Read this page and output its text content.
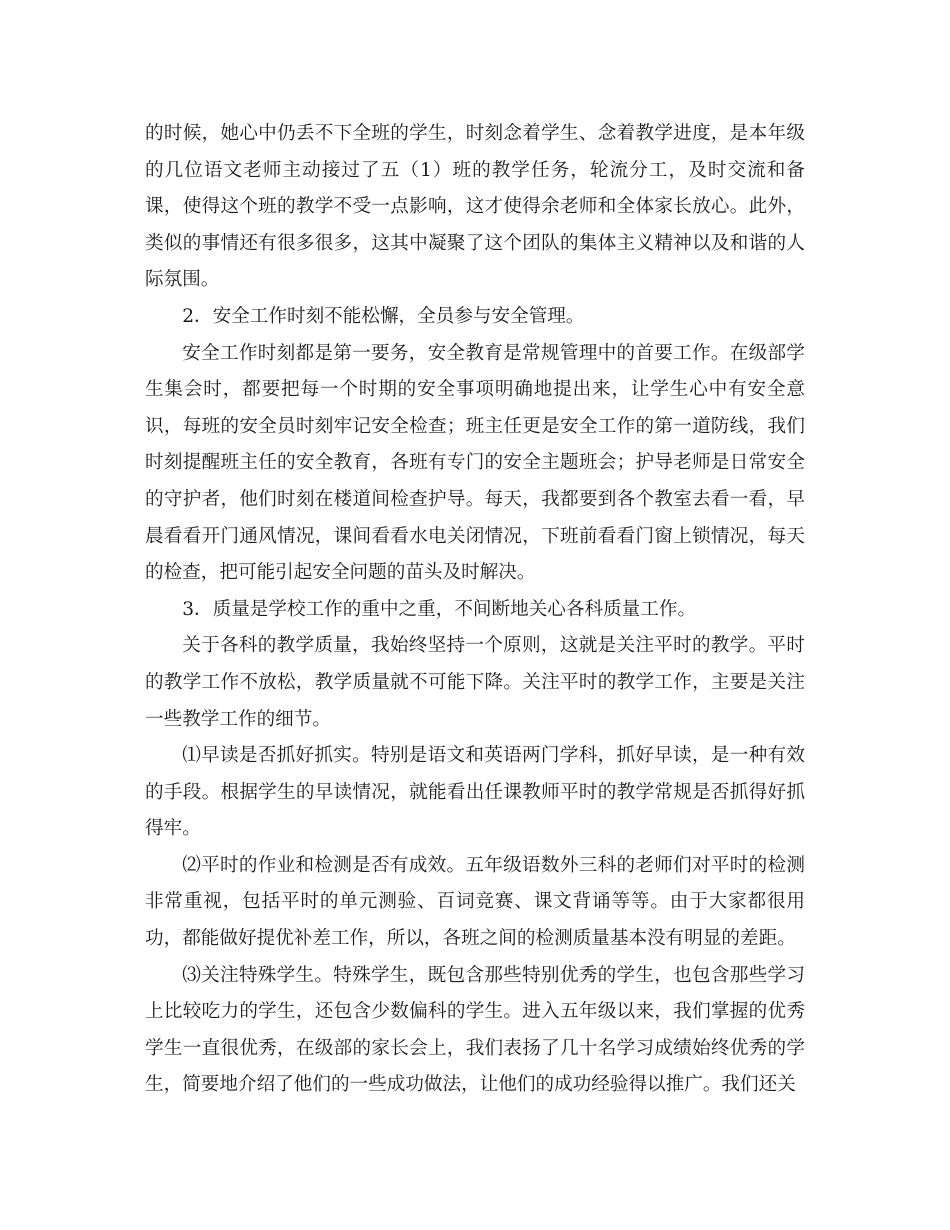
的时候，她心中仍丢不下全班的学生，时刻念着学生、念着教学进度，是本年级的几位语文老师主动接过了五（1）班的教学任务，轮流分工，及时交流和备课，使得这个班的教学不受一点影响，这才使得余老师和全体家长放心。此外，类似的事情还有很多很多，这其中凝聚了这个团队的集体主义精神以及和谐的人际氛围。

2．安全工作时刻不能松懈，全员参与安全管理。

安全工作时刻都是第一要务，安全教育是常规管理中的首要工作。在级部学生集会时，都要把每一个时期的安全事项明确地提出来，让学生心中有安全意识，每班的安全员时刻牢记安全检查；班主任更是安全工作的第一道防线，我们时刻提醒班主任的安全教育，各班有专门的安全主题班会；护导老师是日常安全的守护者，他们时刻在楼道间检查护导。每天，我都要到各个教室去看一看，早晨看看开门通风情况，课间看看水电关闭情况，下班前看看门窗上锁情况，每天的检查，把可能引起安全问题的苗头及时解决。

3．质量是学校工作的重中之重，不间断地关心各科质量工作。

关于各科的教学质量，我始终坚持一个原则，这就是关注平时的教学。平时的教学工作不放松，教学质量就不可能下降。关注平时的教学工作，主要是关注一些教学工作的细节。

⑴早读是否抓好抓实。特别是语文和英语两门学科，抓好早读，是一种有效的手段。根据学生的早读情况，就能看出任课教师平时的教学常规是否抓得好抓得牢。

⑵平时的作业和检测是否有成效。五年级语数外三科的老师们对平时的检测非常重视，包括平时的单元测验、百词竞赛、课文背诵等等。由于大家都很用功，都能做好提优补差工作，所以，各班之间的检测质量基本没有明显的差距。

⑶关注特殊学生。特殊学生，既包含那些特别优秀的学生，也包含那些学习上比较吃力的学生，还包含少数偏科的学生。进入五年级以来，我们掌握的优秀学生一直很优秀，在级部的家长会上，我们表扬了几十名学习成绩始终优秀的学生，简要地介绍了他们的一些成功做法，让他们的成功经验得以推广。我们还关
